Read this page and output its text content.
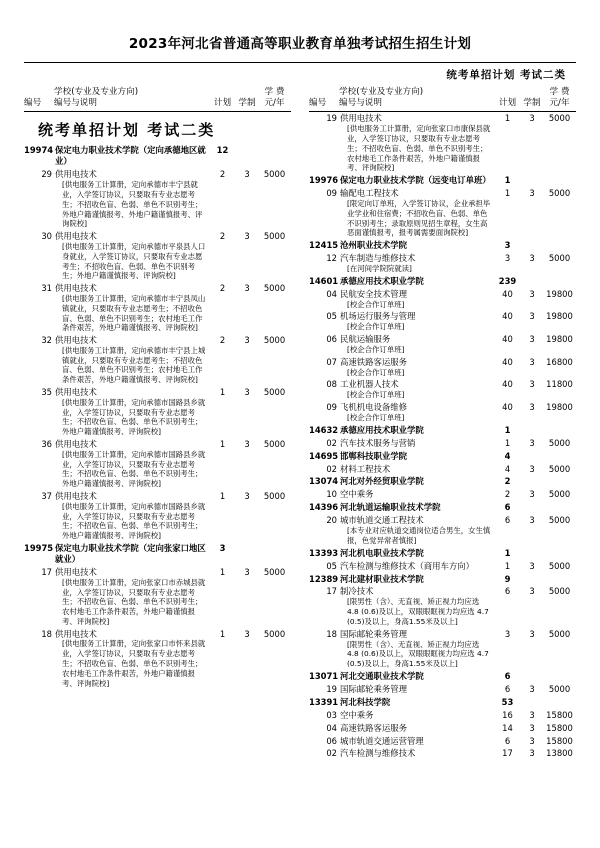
2023年河北省普通高等职业教育单独考试招生招生计划
统考单招计划 考试二类
编号	学校(专业及专业方向)
编号与说明	计划	学制	学 费
元/年

统考单招计划 考试二类				
19974	保定电力职业技术学院（定向承德地区就业）	12		
29	供用电技术
[供电服务工计算册，定向承德市丰宁县就业，入学签订协议，只要取有专业志愿考生；不招收色盲、色弱、单色不识别考生；外地户籍谨慎报考、外地户籍谨慎报考、评询院校]	2	3	5000
30	供用电技术
[供电服务工计算册，定向承德市平泉县人口身就业，入学签订协议，只要取有专业志愿考生；不招收色盲、色弱、单色不识别考生；外地户籍谨慎报考、评询院校]	2	3	5000
31	供用电技术
[供电服务工计算册，定向承德市丰宁县凤山镇就业，只要取有专业志愿考生；不招收色盲、色弱、单色不识别考生；农村地毛工作条件艰苦，外地户籍谨慎报考、评询院校]	2	3	5000
32	供用电技术
[供电服务工计算册，定向承德市丰宁县上城镇就业，只要取有专业志愿考生；不招收色盲、色弱、单色不识别考生；农村地毛工作条件艰苦，外地户籍谨慎报考、评询院校]	2	3	5000
35	供用电技术
[供电服务工计算册，定向承德市国路县乡就业，入学签订协议，只要取有专业志愿考生；不招收色盲、色弱、单色不识别考生；外地户籍谨慎报考、评询院校]	1	3	5000
36	供用电技术
[供电服务工计算册，定向承德市国路县乡就业，入学签订协议，只要取有专业志愿考生；不招收色盲、色弱、单色不识别考生；外地户籍谨慎报考、评询院校]	1	3	5000
37	供用电技术
[供电服务工计算册，定向承德市国路县乡就业，入学签订协议，只要取有专业志愿考生；不招收色盲、色弱、单色不识别考生；外地户籍谨慎报考、评询院校]	1	3	5000
19975	保定电力职业技术学院（定向张家口地区就业）	3		
17	供用电技术
[供电服务工计算册，定向张家口市赤城县就业，入学签订协议，只要取有专业志愿考生；不招收色盲、色弱、单色不识别考生；农村地毛工作条件艰苦，外地户籍谨慎报考、评询院校]	1	3	5000
18	供用电技术
[供电服务工计算册，定向张家口市怀来县就业，入学签订协议，只要取有专业志愿考生；不招收色盲、色弱、单色不识别考生；农村地毛工作条件艰苦，外地户籍谨慎报考、评询院校]	1	3	5000
编号	学校(专业及专业方向)
编号与说明	计划	学制	学 费
元/年

19	供用电技术
[供电服务工计算册，定向张家口市康保县就业，入学签订协议，只要取有专业志愿考生；不招收色盲、色弱、单色不识别考生；农村地毛工作条件艰苦，外地户籍谨慎报考、评询院校]	1	3	5000
19976	保定电力职业技术学院（远变电订单班）	1		
09	输配电工程技术
[限定向订单班，入学签订协议，企业承担毕业学业和住宿费；不招收色盲、色弱、单色不识别考生；录取原则见招生章程，女生高恶面谨慎报考，报考属需要面询院校]	1	3	5000
12415	沧州职业技术学院	3		
12	汽车制造与维修技术
[在河间学院院就读]	3	3	5000
14601	承德应用技术职业学院	239		
04	民航安全技术管理
[校企合作订单班]	40	3	19800
05	机场运行服务与管理
[校企合作订单班]	40	3	19800
06	民航运输服务
[校企合作订单班]	40	3	19800
07	高速铁路客运服务
[校企合作订单班]	40	3	16800
08	工业机器人技术
[校企合作订单班]	40	3	11800
09	飞机机电设备维修
[校企合作订单班]	40	3	19800
14632	承德应用技术职业学院	1		
02	汽车技术服务与营销	1	3	5000
14695	邯郸科技职业学院	4		
02	材料工程技术	4	3	5000
13074	河北对外经贸职业学院	2		
10	空中乘务	2	3	5000
14396	河北轨道运输职业技术学院	6		
20	城市轨道交通工程技术
[本专业对应轨道交通岗位适合男生，女生慎报，色觉异常者慎报]	6	3	5000
13393	河北机电职业技术学院	1		
05	汽车检测与维修技术（商用车方向）	1	3	5000
12389	河北建材职业技术学院	9		
17	制冷技术
[限男性（含）、无直视、矫正视力均应选 4.8 (0.6)及以上，双眼眼眶视力均应选 4.7 (0.5)及以上，身高1.55米及以上]	6	3	5000
18	国际邮轮乘务管理
[限男性（含）、无直视、矫正视力均应选 4.8 (0.6)及以上，双眼眼眶视力均应选 4.7 (0.5)及以上，身高1.55米及以上]	3	3	5000
13071	河北交通职业技术学院	6		
19	国际邮轮乘务管理	6	3	5000
13391	河北科技学院	53		
03	空中乘务	16	3	15800
04	高速铁路客运服务	14	3	15800
06	城市轨道交通运营管理	6	3	15800
02	汽车检测与维修技术	17	3	13800
